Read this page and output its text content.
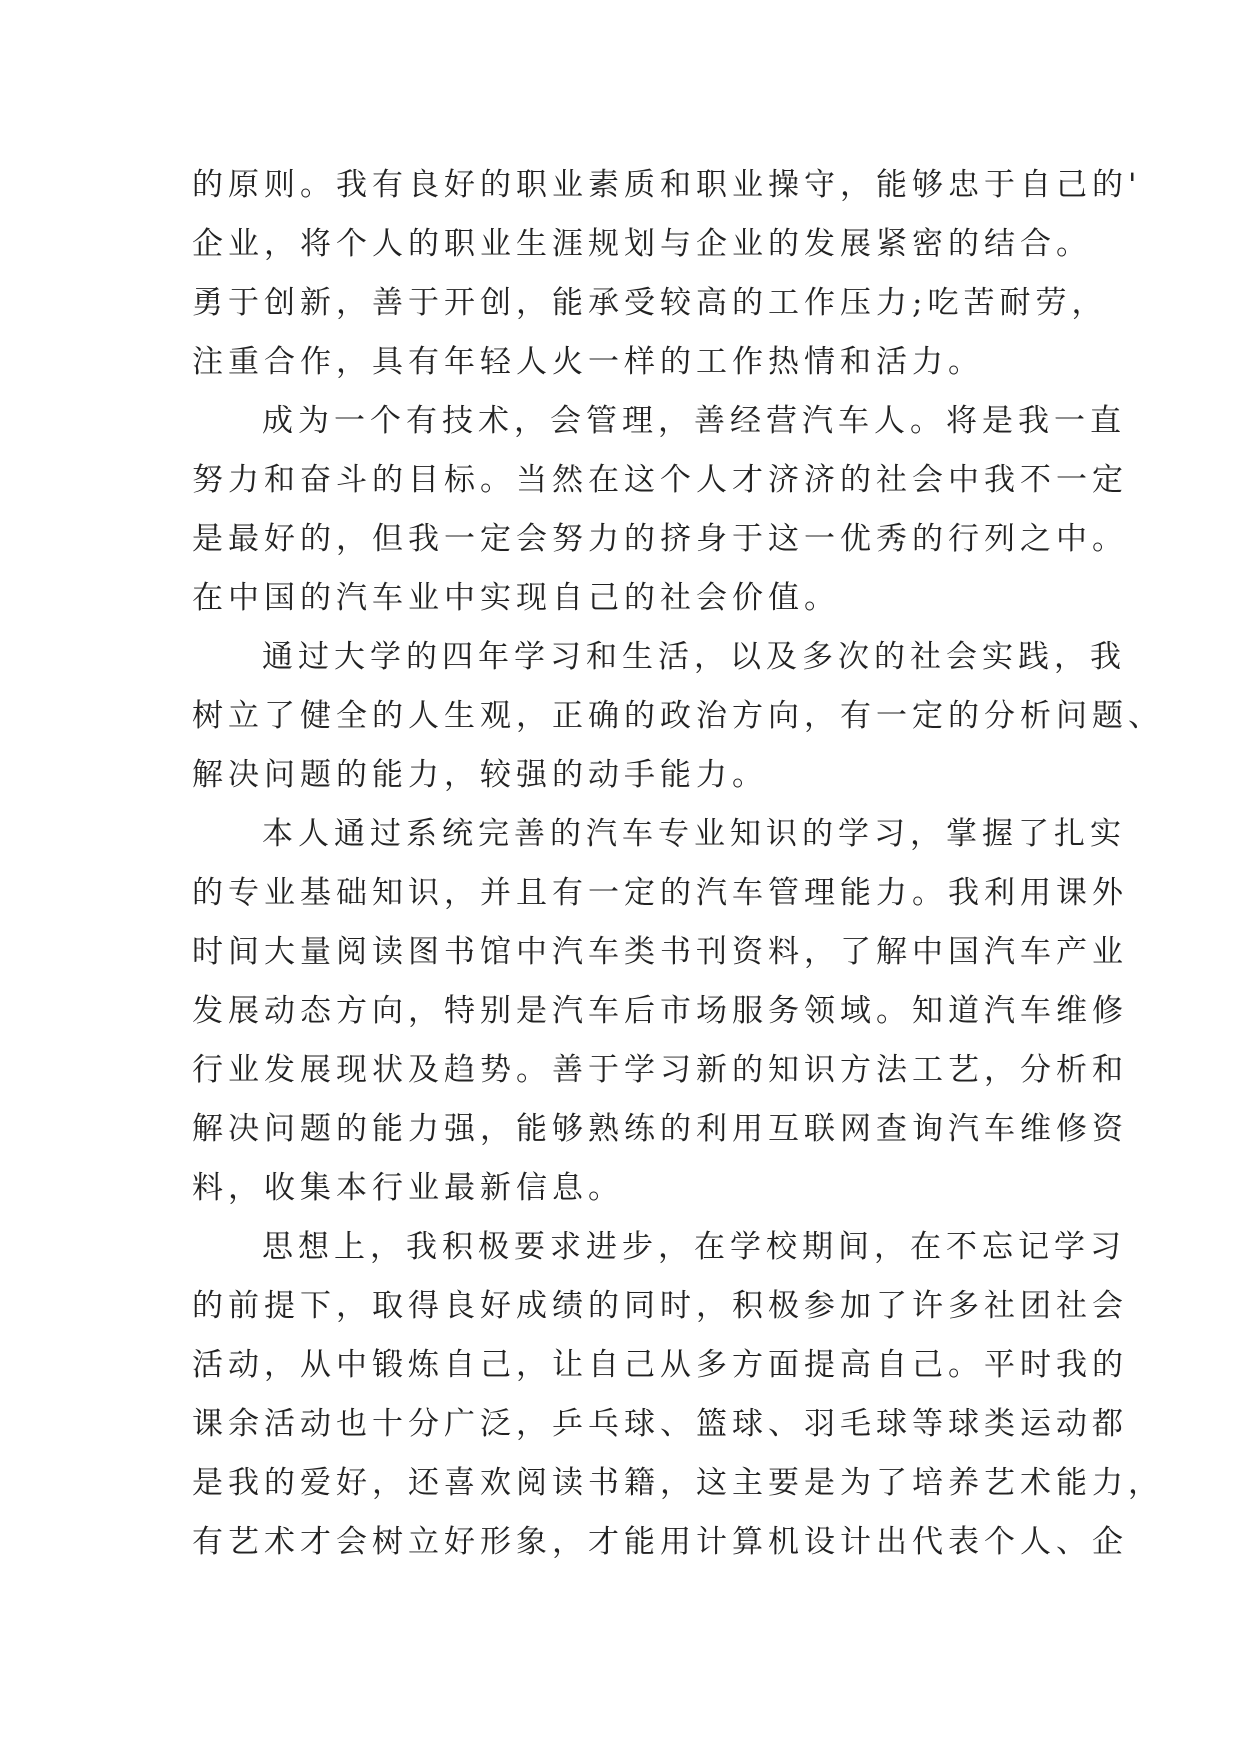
的原则。我有良好的职业素质和职业操守，能够忠于自己的'
企业，将个人的职业生涯规划与企业的发展紧密的结合。
勇于创新，善于开创，能承受较高的工作压力;吃苦耐劳，
注重合作，具有年轻人火一样的工作热情和活力。
成为一个有技术，会管理，善经营汽车人。将是我一直
努力和奋斗的目标。当然在这个人才济济的社会中我不一定
是最好的，但我一定会努力的挤身于这一优秀的行列之中。
在中国的汽车业中实现自己的社会价值。
通过大学的四年学习和生活，以及多次的社会实践，我
树立了健全的人生观，正确的政治方向，有一定的分析问题、
解决问题的能力，较强的动手能力。
本人通过系统完善的汽车专业知识的学习，掌握了扎实
的专业基础知识，并且有一定的汽车管理能力。我利用课外
时间大量阅读图书馆中汽车类书刊资料，了解中国汽车产业
发展动态方向，特别是汽车后市场服务领域。知道汽车维修
行业发展现状及趋势。善于学习新的知识方法工艺，分析和
解决问题的能力强，能够熟练的利用互联网查询汽车维修资
料，收集本行业最新信息。
思想上，我积极要求进步，在学校期间，在不忘记学习
的前提下，取得良好成绩的同时，积极参加了许多社团社会
活动，从中锻炼自己，让自己从多方面提高自己。平时我的
课余活动也十分广泛，乒乓球、篮球、羽毛球等球类运动都
是我的爱好，还喜欢阅读书籍，这主要是为了培养艺术能力，
有艺术才会树立好形象，才能用计算机设计出代表个人、企
